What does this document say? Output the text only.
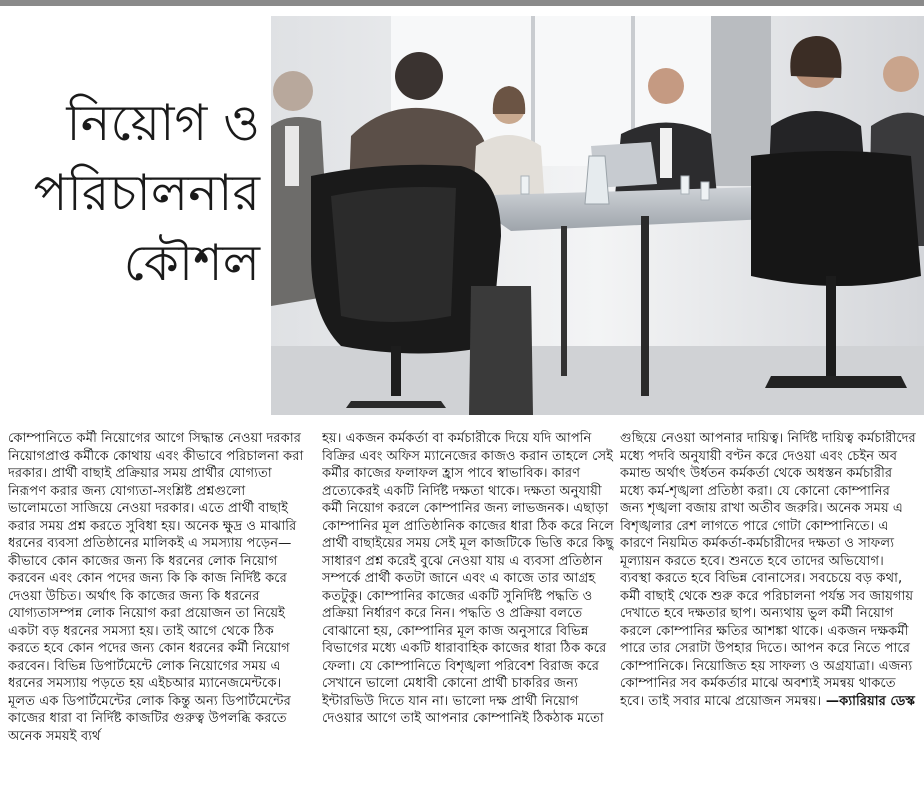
নিয়োগ ও
পরিচালনার
কৌশল

কোম্পানিতে কর্মী নিয়োগের আগে সিদ্ধান্ত নেওয়া দরকার নিয়োগপ্রাপ্ত কর্মীকে কোথায় এবং কীভাবে পরিচালনা করা দরকার। প্রার্থী বাছাই প্রক্রিয়ার সময় প্রার্থীর যোগ্যতা নিরূপণ করার জন্য যোগ্যতা-সংশ্লিষ্ট প্রশ্নগুলো ভালোমতো সাজিয়ে নেওয়া দরকার। এতে প্রার্থী বাছাই করার সময় প্রশ্ন করতে সুবিধা হয়। অনেক ক্ষুদ্র ও মাঝারি ধরনের ব্যবসা প্রতিষ্ঠানের মালিকই এ সমস্যায় পড়েন— কীভাবে কোন কাজের জন্য কি ধরনের লোক নিয়োগ করবেন এবং কোন পদের জন্য কি কি কাজ নির্দিষ্ট করে দেওয়া উচিত। অর্থাৎ কি কাজের জন্য কি ধরনের যোগ্যতাসম্পন্ন লোক নিয়োগ করা প্রয়োজন তা নিয়েই একটা বড় ধরনের সমস্যা হয়। তাই আগে থেকে ঠিক করতে হবে কোন পদের জন্য কোন ধরনের কর্মী নিয়োগ করবেন। বিভিন্ন ডিপার্টমেন্টে লোক নিয়োগের সময় এ ধরনের সমস্যায় পড়তে হয় এইচআর ম্যানেজমেন্টকে। মূলত এক ডিপার্টমেন্টের লোক কিন্তু অন্য ডিপার্টমেন্টের কাজের ধারা বা নির্দিষ্ট কাজটির গুরুত্ব উপলব্ধি করতে অনেক সময়ই ব্যর্থ

হয়। একজন কর্মকর্তা বা কর্মচারীকে দিয়ে যদি আপনি বিক্রির এবং অফিস ম্যানেজের কাজও করান তাহলে সেই কর্মীর কাজের ফলাফল হ্রাস পাবে স্বাভাবিক। কারণ প্রত্যেকেরই একটি নির্দিষ্ট দক্ষতা থাকে। দক্ষতা অনুযায়ী কর্মী নিয়োগ করলে কোম্পানির জন্য লাভজনক। এছাড়া কোম্পানির মূল প্রাতিষ্ঠানিক কাজের ধারা ঠিক করে নিলে প্রার্থী বাছাইয়ের সময় সেই মূল কাজটিকে ভিত্তি করে কিছু সাধারণ প্রশ্ন করেই বুঝে নেওয়া যায় এ ব্যবসা প্রতিষ্ঠান সম্পর্কে প্রার্থী কতটা জানে এবং এ কাজে তার আগ্রহ কতটুকু। কোম্পানির কাজের একটি সুনির্দিষ্ট পদ্ধতি ও প্রক্রিয়া নির্ধারণ করে নিন। পদ্ধতি ও প্রক্রিয়া বলতে বোঝানো হয়, কোম্পানির মূল কাজ অনুসারে বিভিন্ন বিভাগের মধ্যে একটি ধারাবাহিক কাজের ধারা ঠিক করে ফেলা। যে কোম্পানিতে বিশৃঙ্খলা পরিবেশ বিরাজ করে সেখানে ভালো মেধাবী কোনো প্রার্থী চাকরির জন্য ইন্টারভিউ দিতে যান না। ভালো দক্ষ প্রার্থী নিয়োগ দেওয়ার আগে তাই আপনার কোম্পানিই ঠিকঠাক মতো

গুছিয়ে নেওয়া আপনার দায়িত্ব। নির্দিষ্ট দায়িত্ব কর্মচারীদের মধ্যে পদবি অনুযায়ী বণ্টন করে দেওয়া এবং চেইন অব কমান্ড অর্থাৎ উর্ধতন কর্মকর্তা থেকে অধস্তন কর্মচারীর মধ্যে কর্ম-শৃঙ্খলা প্রতিষ্ঠা করা। যে কোনো কোম্পানির জন্য শৃঙ্খলা বজায় রাখা অতীব জরুরি। অনেক সময় এ বিশৃঙ্খলার রেশ লাগতে পারে গোটা কোম্পানিতে। এ কারণে নিয়মিত কর্মকর্তা-কর্মচারীদের দক্ষতা ও সাফল্য মূল্যায়ন করতে হবে। শুনতে হবে তাদের অভিযোগ। ব্যবস্থা করতে হবে বিভিন্ন বোনাসের। সবচেয়ে বড় কথা, কর্মী বাছাই থেকে শুরু করে পরিচালনা পর্যন্ত সব জায়গায় দেখাতে হবে দক্ষতার ছাপ। অন্যথায় ভুল কর্মী নিয়োগ করলে কোম্পানির ক্ষতির আশঙ্কা থাকে। একজন দক্ষকর্মী পারে তার সেরাটা উপহার দিতে। আপন করে নিতে পারে কোম্পানিকে। নিয়োজিত হয় সাফল্য ও অগ্রযাত্রা। এজন্য কোম্পানির সব কর্মকর্তার মাঝে অবশ্যই সমন্বয় থাকতে হবে। তাই সবার মাঝে প্রয়োজন সমন্বয়। —ক্যারিয়ার ডেস্ক
